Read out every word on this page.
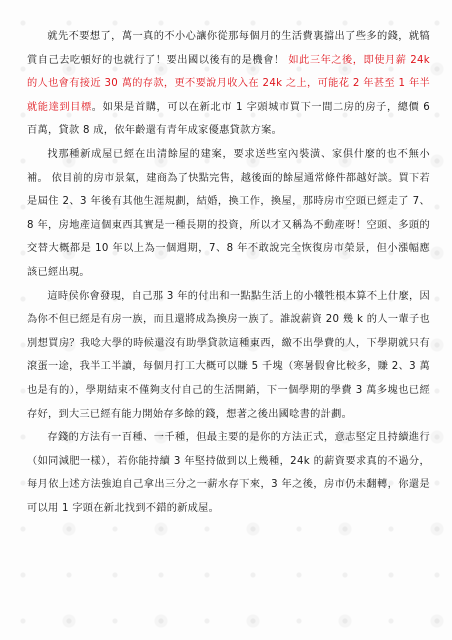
就先不要想了，萬一真的不小心讓你從那每個月的生活費裏擋出了些多的錢，就犒賞自己去吃頓好的也就行了！要出國以後有的是機會！ 如此三年之後，即使月薪 24k 的人也會有接近 30 萬的存款，更不要說月收入在 24k 之上，可能花 2 年甚至 1 年半就能達到目標。如果是首購，可以在新北市 1 字頭城市買下一間二房的房子，總價 6 百萬，貸款 8 成，依年齡還有青年成家優惠貸款方案。

找那種新成屋已經在出清餘屋的建案，要求送些室內裝潢、家俱什麼的也不無小補。 依目前的房市景氣，建商為了快點完售，越後面的餘屋通常條件都越好談。買下若是屆住 2、3 年後有其他生涯規劃，結婚，換工作，換屋，那時房市空頭已經走了 7、8 年，房地產這個東西其實是一種長期的投資，所以才又稱為不動產呀！空頭、多頭的交替大概都是 10 年以上為一個週期，7、8 年不敢說完全恢復房市榮景，但小漲幅應該已經出現。

這時侯你會發現，自己那 3 年的付出和一點點生活上的小犧牲根本算不上什麼，因為你不但已經是有房一族，而且還將成為換房一族了。誰說薪資 20 幾 k 的人一輩子也別想買房？我唸大學的時候還沒有助學貸款這種東西，繳不出學費的人，下學期就只有滾蛋一途，我半工半讀，每個月打工大概可以賺 5 千塊（寒暑假會比較多，賺 2、3 萬也是有的），學期結束不僅夠支付自己的生活開銷，下一個學期的學費 3 萬多塊也已經存好，到大三已經有能力開始存多餘的錢，想著之後出國唸書的計劃。

存錢的方法有一百種、一千種，但最主要的是你的方法正式，意志堅定且持續進行（如同減肥一樣），若你能持續 3 年堅持做到以上幾種，24k 的薪資要求真的不過分，每月依上述方法強迫自己拿出三分之一薪水存下來，3 年之後，房市仍未翻轉，你還是可以用 1 字頭在新北找到不錯的新成屋。
